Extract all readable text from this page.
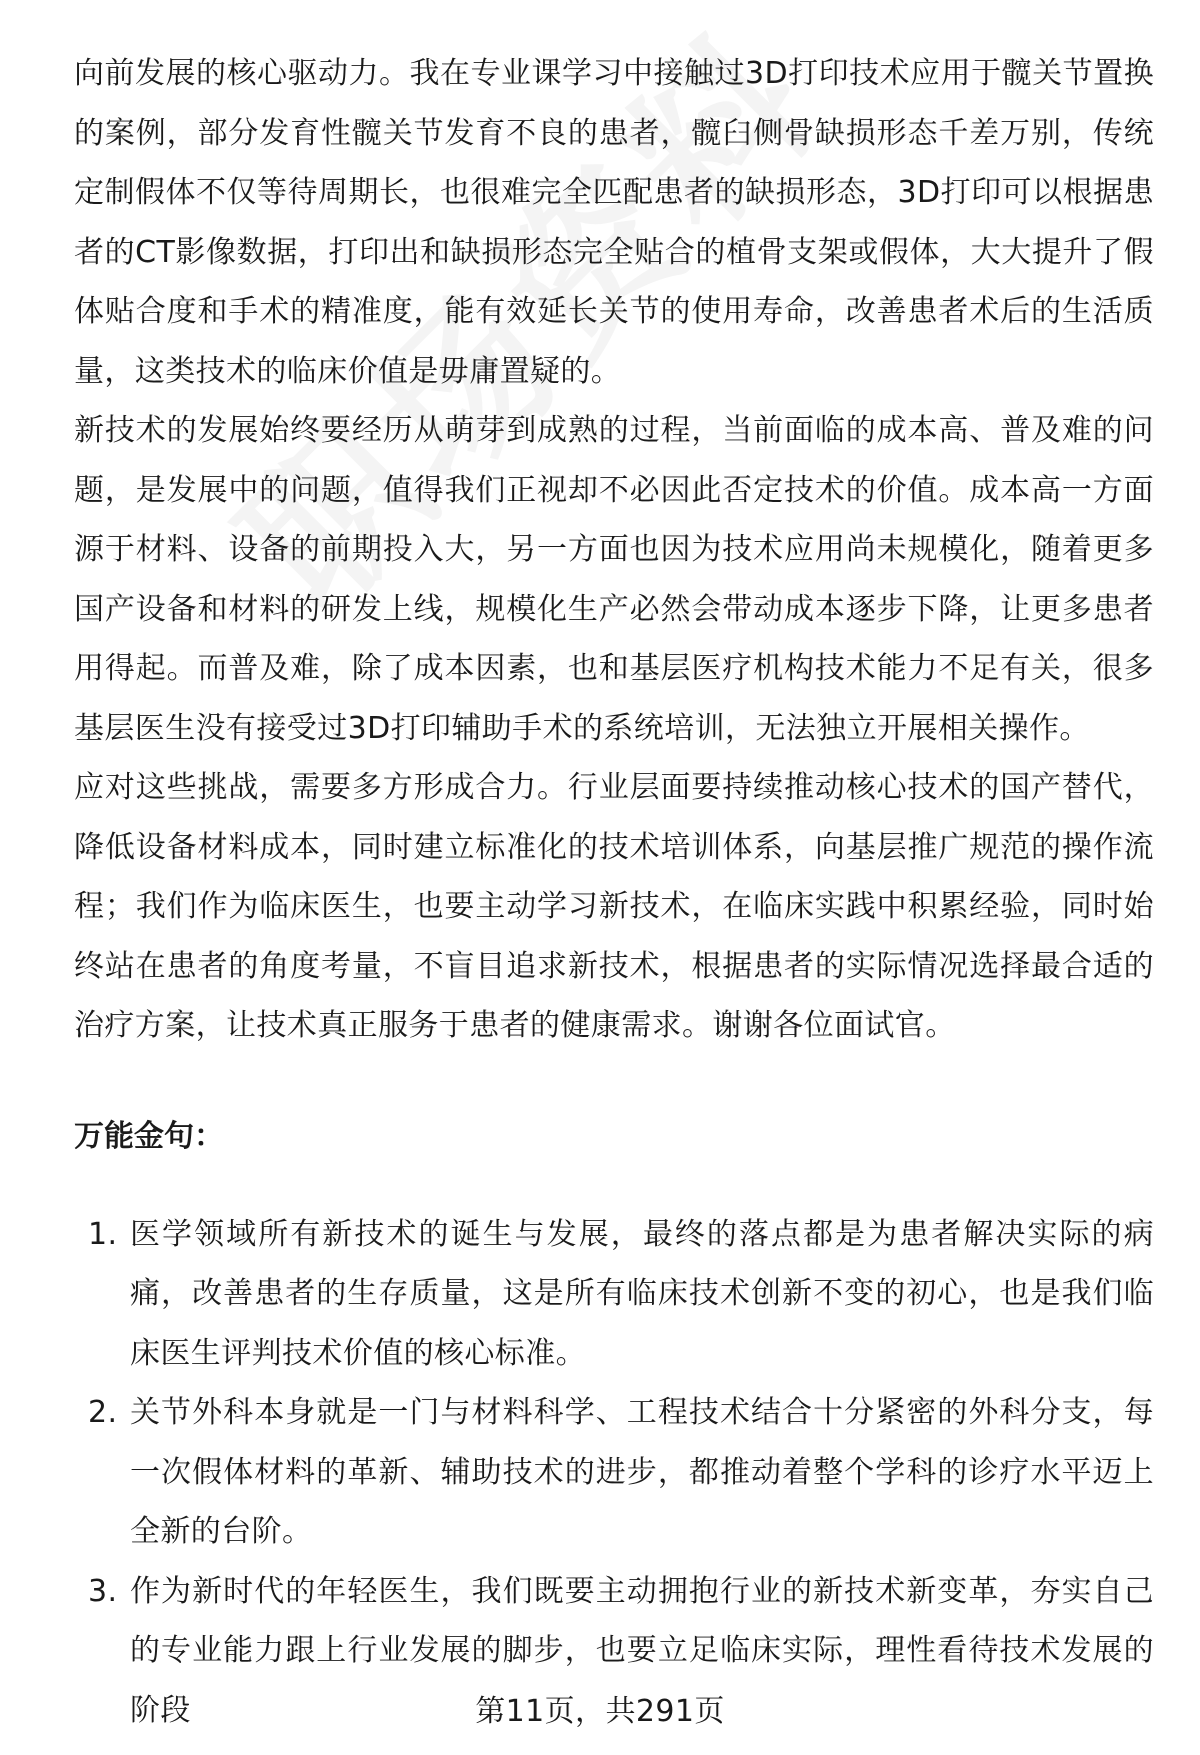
向前发展的核心驱动力。我在专业课学习中接触过3D打印技术应用于髋关节置换的案例，部分发育性髋关节发育不良的患者，髋臼侧骨缺损形态千差万别，传统定制假体不仅等待周期长，也很难完全匹配患者的缺损形态，3D打印可以根据患者的CT影像数据，打印出和缺损形态完全贴合的植骨支架或假体，大大提升了假体贴合度和手术的精准度，能有效延长关节的使用寿命，改善患者术后的生活质量，这类技术的临床价值是毋庸置疑的。

新技术的发展始终要经历从萌芽到成熟的过程，当前面临的成本高、普及难的问题，是发展中的问题，值得我们正视却不必因此否定技术的价值。成本高一方面源于材料、设备的前期投入大，另一方面也因为技术应用尚未规模化，随着更多国产设备和材料的研发上线，规模化生产必然会带动成本逐步下降，让更多患者用得起。而普及难，除了成本因素，也和基层医疗机构技术能力不足有关，很多基层医生没有接受过3D打印辅助手术的系统培训，无法独立开展相关操作。

应对这些挑战，需要多方形成合力。行业层面要持续推动核心技术的国产替代，降低设备材料成本，同时建立标准化的技术培训体系，向基层推广规范的操作流程；我们作为临床医生，也要主动学习新技术，在临床实践中积累经验，同时始终站在患者的角度考量，不盲目追求新技术，根据患者的实际情况选择最合适的治疗方案，让技术真正服务于患者的健康需求。谢谢各位面试官。

万能金句：
1. 医学领域所有新技术的诞生与发展，最终的落点都是为患者解决实际的病痛，改善患者的生存质量，这是所有临床技术创新不变的初心，也是我们临床医生评判技术价值的核心标准。
2. 关节外科本身就是一门与材料科学、工程技术结合十分紧密的外科分支，每一次假体材料的革新、辅助技术的进步，都推动着整个学科的诊疗水平迈上全新的台阶。
3. 作为新时代的年轻医生，我们既要主动拥抱行业的新技术新变革，夯实自己的专业能力跟上行业发展的脚步，也要立足临床实际，理性看待技术发展的阶段	第11页，共291页
